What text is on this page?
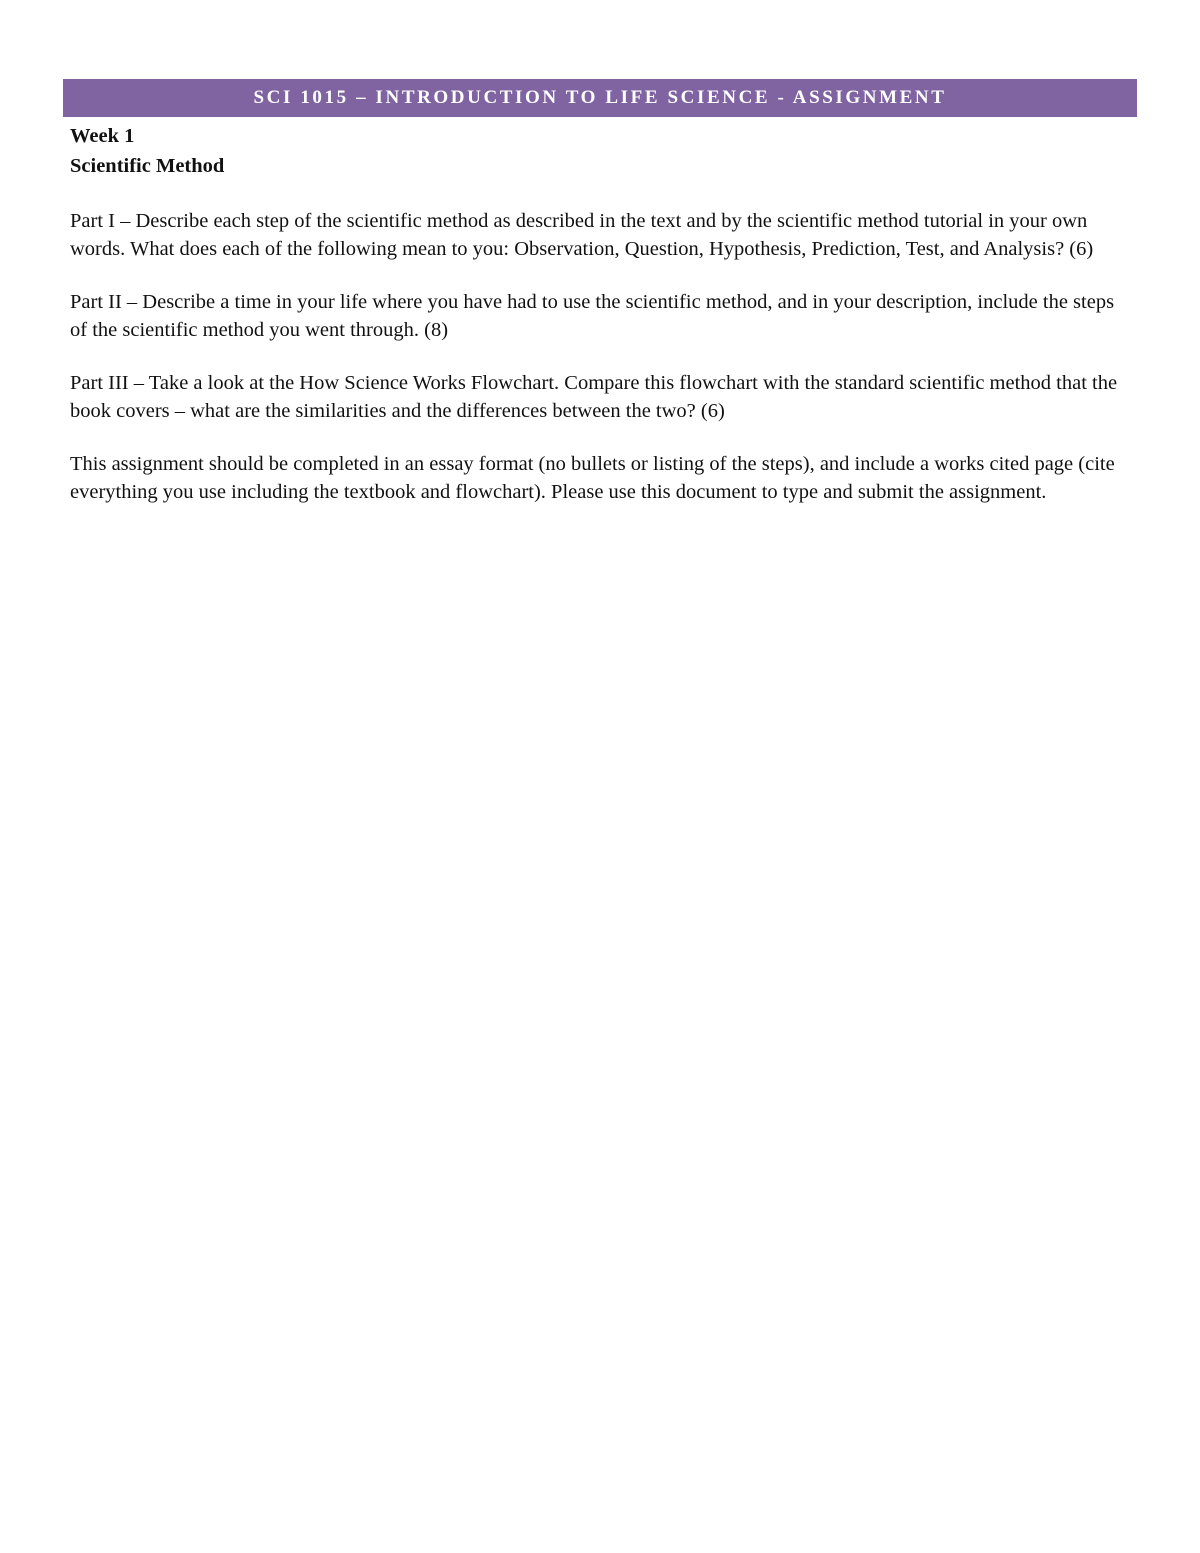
SCI 1015 – INTRODUCTION TO LIFE SCIENCE - ASSIGNMENT

Week 1

Scientific Method

Part I – Describe each step of the scientific method as described in the text and by the scientific method tutorial in your own words. What does each of the following mean to you: Observation, Question, Hypothesis, Prediction, Test, and Analysis? (6)

Part II – Describe a time in your life where you have had to use the scientific method, and in your description, include the steps of the scientific method you went through. (8)

Part III – Take a look at the How Science Works Flowchart. Compare this flowchart with the standard scientific method that the book covers – what are the similarities and the differences between the two? (6)

This assignment should be completed in an essay format (no bullets or listing of the steps), and include a works cited page (cite everything you use including the textbook and flowchart). Please use this document to type and submit the assignment.
